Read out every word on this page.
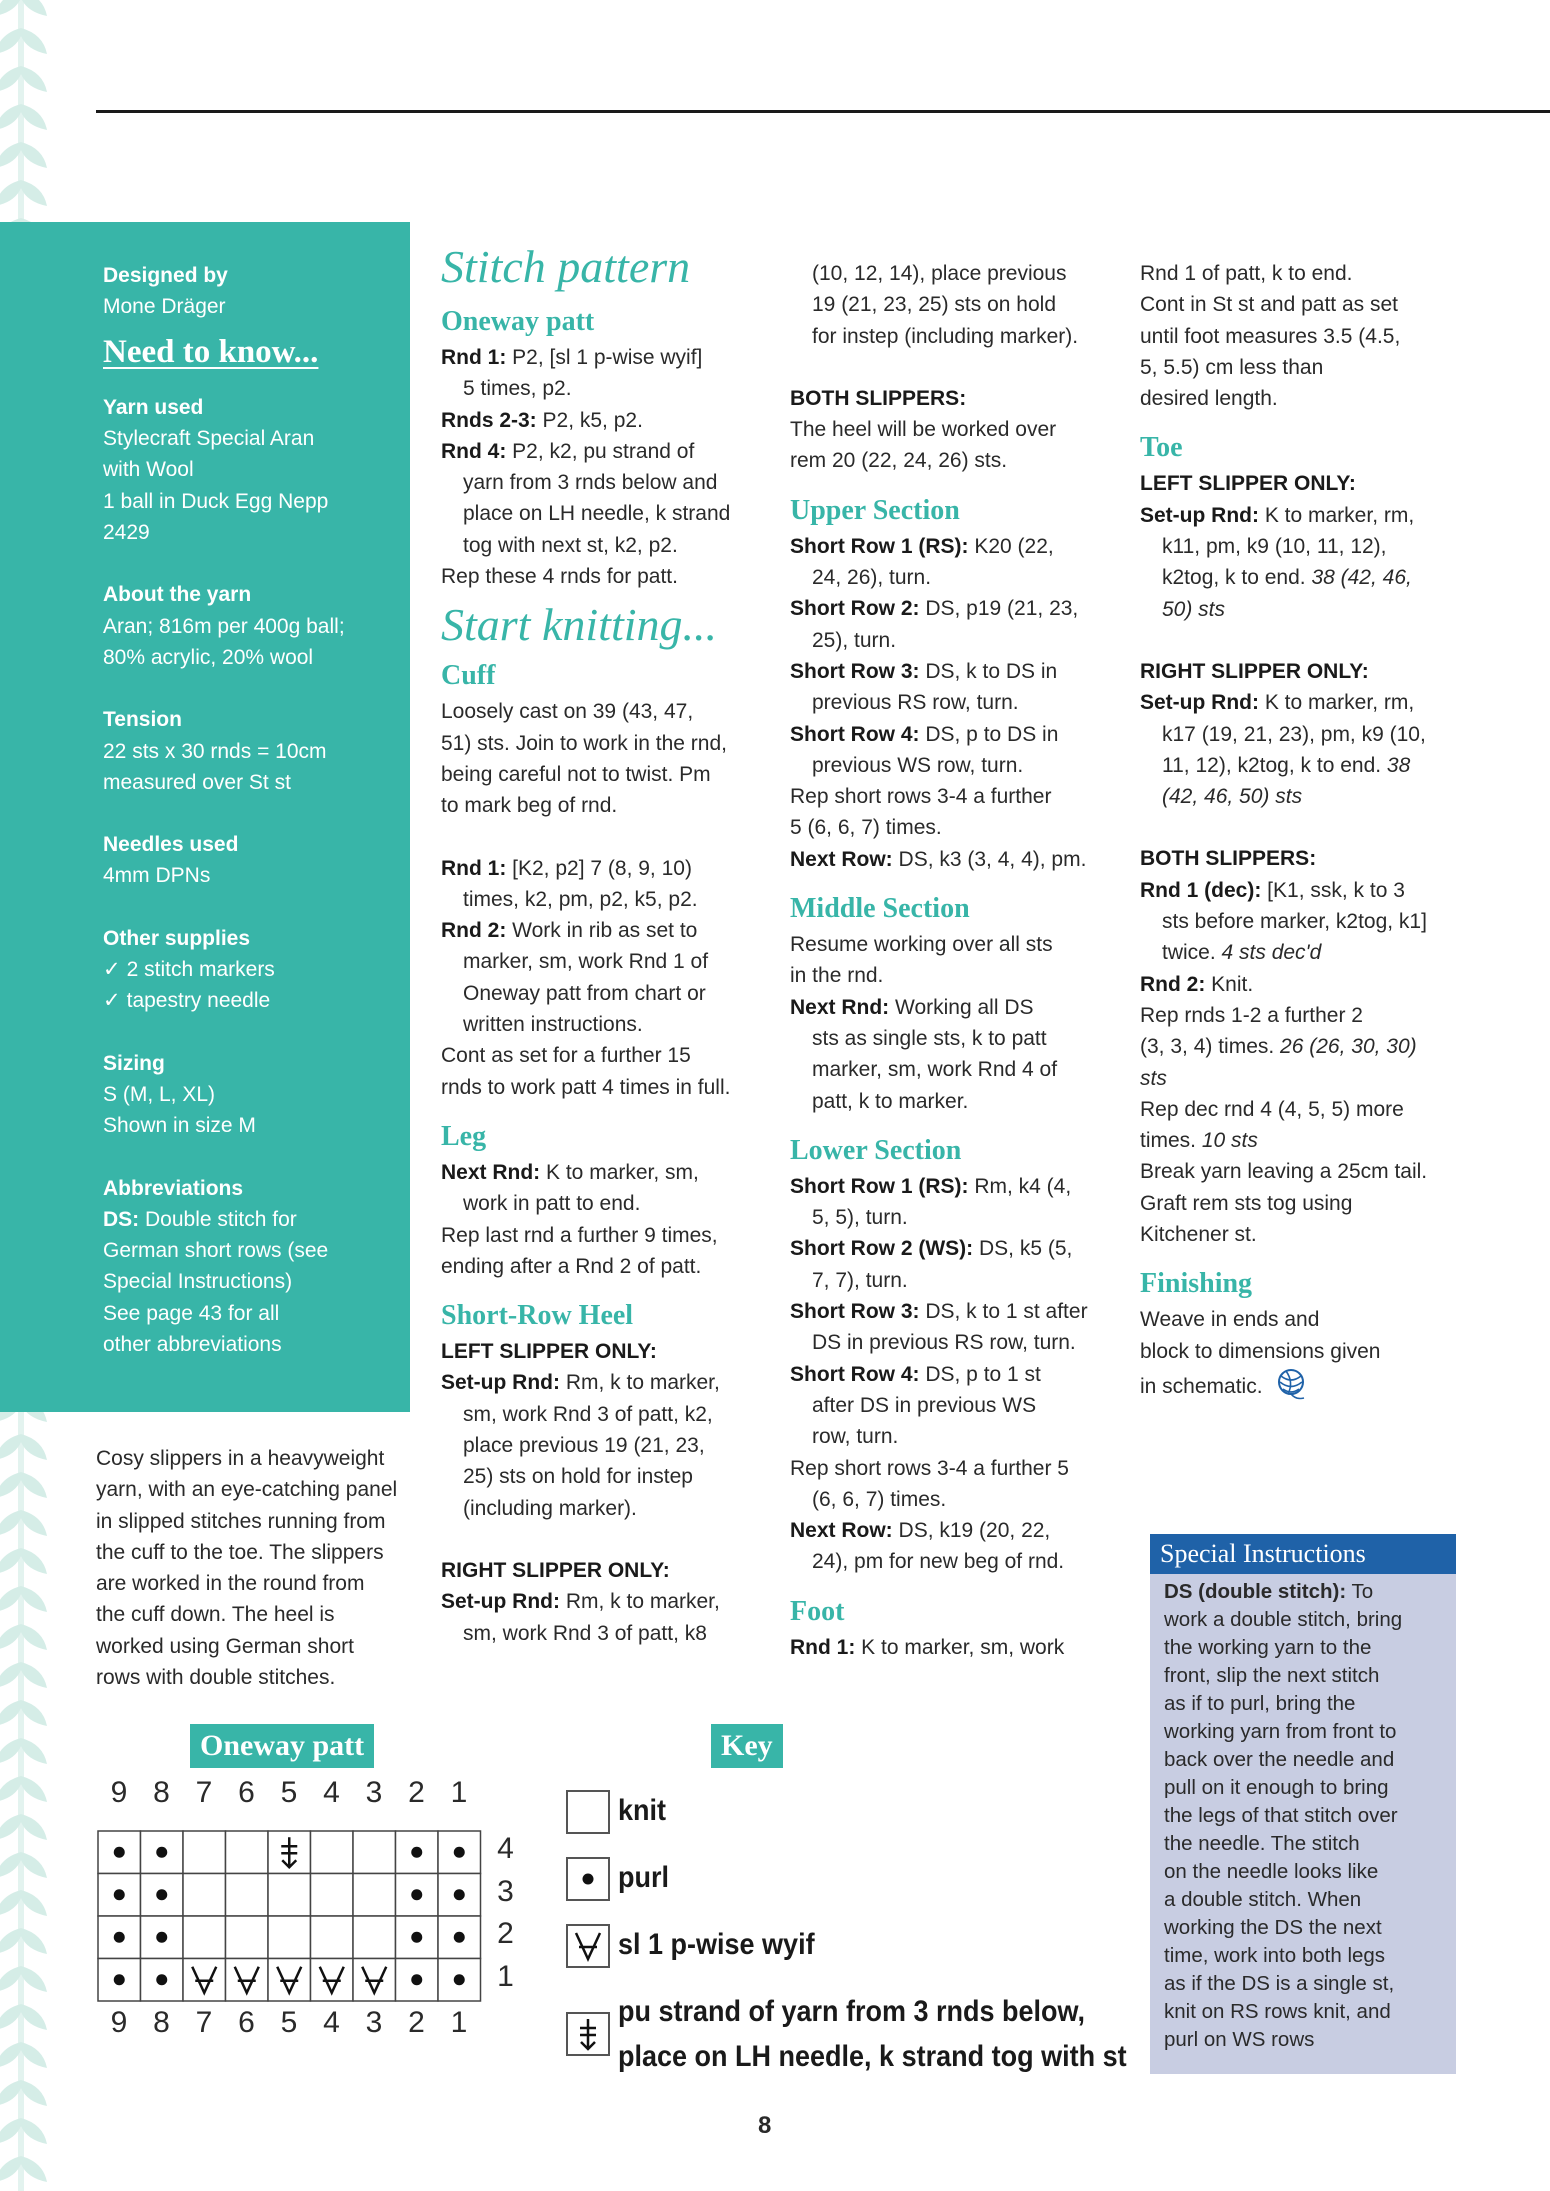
Designed by
Mone Dräger
Need to know...
Yarn used
Stylecraft Special Aran
with Wool
1 ball in Duck Egg Nepp
2429
About the yarn
Aran; 816m per 400g ball;
80% acrylic, 20% wool
Tension
22 sts x 30 rnds = 10cm
measured over St st
Needles used
4mm DPNs
Other supplies
✓ 2 stitch markers
✓ tapestry needle
Sizing
S (M, L, XL)
Shown in size M
Abbreviations
DS: Double stitch for
German short rows (see
Special Instructions)
See page 43 for all
other abbreviations
Cosy slippers in a heavyweight
yarn, with an eye-catching panel
in slipped stitches running from
the cuff to the toe. The slippers
are worked in the round from
the cuff down. The heel is
worked using German short
rows with double stitches.
Stitch pattern
Oneway patt
Rnd 1: P2, [sl 1 p-wise wyif]
5 times, p2.
Rnds 2-3: P2, k5, p2.
Rnd 4: P2, k2, pu strand of
yarn from 3 rnds below and
place on LH needle, k strand
tog with next st, k2, p2.
Rep these 4 rnds for patt.
Start knitting...
Cuff
Loosely cast on 39 (43, 47,
51) sts. Join to work in the rnd,
being careful not to twist. Pm
to mark beg of rnd.
Rnd 1: [K2, p2] 7 (8, 9, 10)
times, k2, pm, p2, k5, p2.
Rnd 2: Work in rib as set to
marker, sm, work Rnd 1 of
Oneway patt from chart or
written instructions.
Cont as set for a further 15
rnds to work patt 4 times in full.
Leg
Next Rnd: K to marker, sm,
work in patt to end.
Rep last rnd a further 9 times,
ending after a Rnd 2 of patt.
Short-Row Heel
LEFT SLIPPER ONLY:
Set-up Rnd: Rm, k to marker,
sm, work Rnd 3 of patt, k2,
place previous 19 (21, 23,
25) sts on hold for instep
(including marker).
RIGHT SLIPPER ONLY:
Set-up Rnd: Rm, k to marker,
sm, work Rnd 3 of patt, k8
(10, 12, 14), place previous
19 (21, 23, 25) sts on hold
for instep (including marker).
BOTH SLIPPERS:
The heel will be worked over
rem 20 (22, 24, 26) sts.
Upper Section
Short Row 1 (RS): K20 (22,
24, 26), turn.
Short Row 2: DS, p19 (21, 23,
25), turn.
Short Row 3: DS, k to DS in
previous RS row, turn.
Short Row 4: DS, p to DS in
previous WS row, turn.
Rep short rows 3-4 a further
5 (6, 6, 7) times.
Next Row: DS, k3 (3, 4, 4), pm.
Middle Section
Resume working over all sts
in the rnd.
Next Rnd: Working all DS
sts as single sts, k to patt
marker, sm, work Rnd 4 of
patt, k to marker.
Lower Section
Short Row 1 (RS): Rm, k4 (4,
5, 5), turn.
Short Row 2 (WS): DS, k5 (5,
7, 7), turn.
Short Row 3: DS, k to 1 st after
DS in previous RS row, turn.
Short Row 4: DS, p to 1 st
after DS in previous WS
row, turn.
Rep short rows 3-4 a further 5
(6, 6, 7) times.
Next Row: DS, k19 (20, 22,
24), pm for new beg of rnd.
Foot
Rnd 1: K to marker, sm, work
Rnd 1 of patt, k to end.
Cont in St st and patt as set
until foot measures 3.5 (4.5,
5, 5.5) cm less than
desired length.
Toe
LEFT SLIPPER ONLY:
Set-up Rnd: K to marker, rm,
k11, pm, k9 (10, 11, 12),
k2tog, k to end. 38 (42, 46,
50) sts
RIGHT SLIPPER ONLY:
Set-up Rnd: K to marker, rm,
k17 (19, 21, 23), pm, k9 (10,
11, 12), k2tog, k to end. 38
(42, 46, 50) sts
BOTH SLIPPERS:
Rnd 1 (dec): [K1, ssk, k to 3
sts before marker, k2tog, k1]
twice. 4 sts dec'd
Rnd 2: Knit.
Rep rnds 1-2 a further 2
(3, 3, 4) times. 26 (26, 30, 30)
sts
Rep dec rnd 4 (4, 5, 5) more
times. 10 sts
Break yarn leaving a 25cm tail.
Graft rem sts tog using
Kitchener st.
Finishing
Weave in ends and
block to dimensions given
in schematic.
Special Instructions
DS (double stitch): To
work a double stitch, bring
the working yarn to the
front, slip the next stitch
as if to purl, bring the
working yarn from front to
back over the needle and
pull on it enough to bring
the legs of that stitch over
the needle. The stitch
on the needle looks like
a double stitch. When
working the DS the next
time, work into both legs
as if the DS is a single st,
knit on RS rows knit, and
purl on WS rows
Oneway patt
9
9
8
8
7
7
6
6
5
5
4
4
3
3
2
2
1
1
4
3
2
1
Key
knit
purl
sl 1 p-wise wyif
pu strand of yarn from 3 rnds below,
place on LH needle, k strand tog with st
8
